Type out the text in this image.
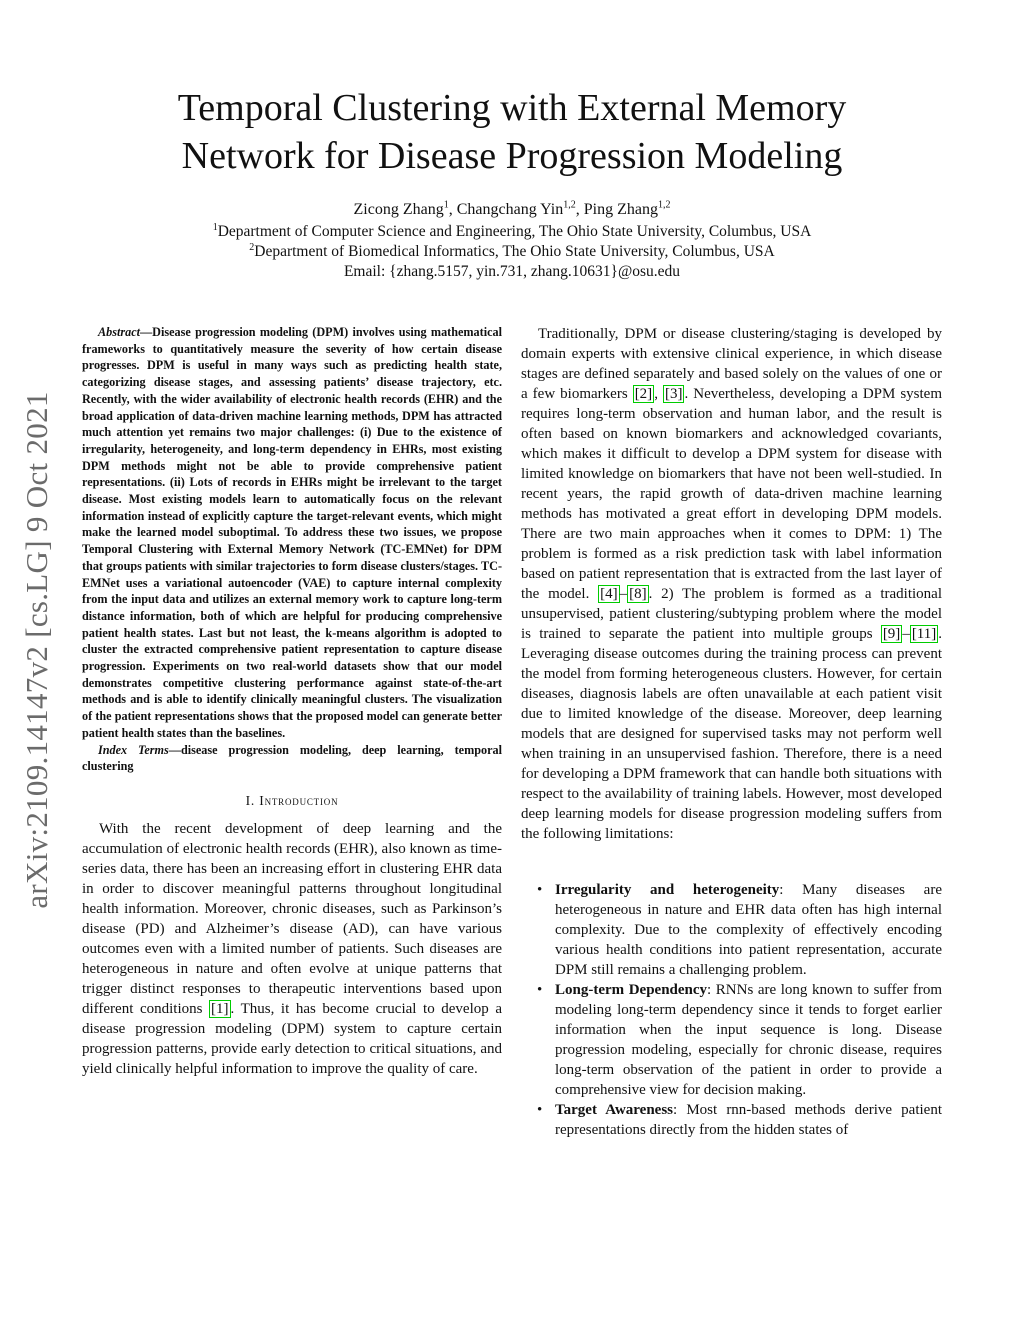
arXiv:2109.14147v2 [cs.LG] 9 Oct 2021
Temporal Clustering with External Memory
Network for Disease Progression Modeling
Zicong Zhang$^1$, Changchang Yin$^{1,2}$, Ping Zhang$^{1,2}$
$^1$Department of Computer Science and Engineering, The Ohio State University, Columbus, USA
$^2$Department of Biomedical Informatics, The Ohio State University, Columbus, USA
Email: {zhang.5157, yin.731, zhang.10631}@osu.edu

Abstract—Disease progression modeling (DPM) involves using mathematical frameworks to quantitatively measure the severity of how certain disease progresses. DPM is useful in many ways such as predicting health state, categorizing disease stages, and assessing patients’ disease trajectory, etc. Recently, with the wider availability of electronic health records (EHR) and the broad application of data-driven machine learning methods, DPM has attracted much attention yet remains two major challenges: (i) Due to the existence of irregularity, heterogeneity, and long-term dependency in EHRs, most existing DPM methods might not be able to provide comprehensive patient representations. (ii) Lots of records in EHRs might be irrelevant to the target disease. Most existing models learn to automatically focus on the relevant information instead of explicitly capture the target-relevant events, which might make the learned model suboptimal. To address these two issues, we propose Temporal Clustering with External Memory Network (TC-EMNet) for DPM that groups patients with similar trajectories to form disease clusters/stages. TC-EMNet uses a variational autoencoder (VAE) to capture internal complexity from the input data and utilizes an external memory work to capture long-term distance information, both of which are helpful for producing comprehensive patient health states. Last but not least, the k-means algorithm is adopted to cluster the extracted comprehensive patient representation to capture disease progression. Experiments on two real-world datasets show that our model demonstrates competitive clustering performance against state-of-the-art methods and is able to identify clinically meaningful clusters. The visualization of the patient representations shows that the proposed model can generate better patient health states than the baselines.

Index Terms—disease progression modeling, deep learning, temporal clustering

I. Introduction

With the recent development of deep learning and the accumulation of electronic health records (EHR), also known as time-series data, there has been an increasing effort in clustering EHR data in order to discover meaningful patterns throughout longitudinal health information. Moreover, chronic diseases, such as Parkinson’s disease (PD) and Alzheimer’s disease (AD), can have various outcomes even with a limited number of patients. Such diseases are heterogeneous in nature and often evolve at unique patterns that trigger distinct responses to therapeutic interventions based upon different conditions [1] . Thus, it has become crucial to develop a disease progression modeling (DPM) system to capture certain progression patterns, provide early detection to critical situations, and yield clinically helpful information to improve the quality of care.

Traditionally, DPM or disease clustering/staging is developed by domain experts with extensive clinical experience, in which disease stages are defined separately and based solely on the values of one or a few biomarkers [2] , [3] . Nevertheless, developing a DPM system requires long-term observation and human labor, and the result is often based on known biomarkers and acknowledged covariants, which makes it difficult to develop a DPM system for disease with limited knowledge on biomarkers that have not been well-studied. In recent years, the rapid growth of data-driven machine learning methods has motivated a great effort in developing DPM models. There are two main approaches when it comes to DPM: 1) The problem is formed as a risk prediction task with label information based on patient representation that is extracted from the last layer of the model. [4] – [8] . 2) The problem is formed as a traditional unsupervised, patient clustering/subtyping problem where the model is trained to separate the patient into multiple groups [9] – [11] . Leveraging disease outcomes during the training process can prevent the model from forming heterogeneous clusters. However, for certain diseases, diagnosis labels are often unavailable at each patient visit due to limited knowledge of the disease. Moreover, deep learning models that are designed for supervised tasks may not perform well when training in an unsupervised fashion. Therefore, there is a need for developing a DPM framework that can handle both situations with respect to the availability of training labels. However, most developed deep learning models for disease progression modeling suffers from the following limitations:

• Irregularity and heterogeneity: Many diseases are heterogeneous in nature and EHR data often has high internal complexity. Due to the complexity of effectively encoding various health conditions into patient representation, accurate DPM still remains a challenging problem.
• Long-term Dependency: RNNs are long known to suffer from modeling long-term dependency since it tends to forget earlier information when the input sequence is long. Disease progression modeling, especially for chronic disease, requires long-term observation of the patient in order to provide a comprehensive view for decision making.
• Target Awareness: Most rnn-based methods derive patient representations directly from the hidden states of
